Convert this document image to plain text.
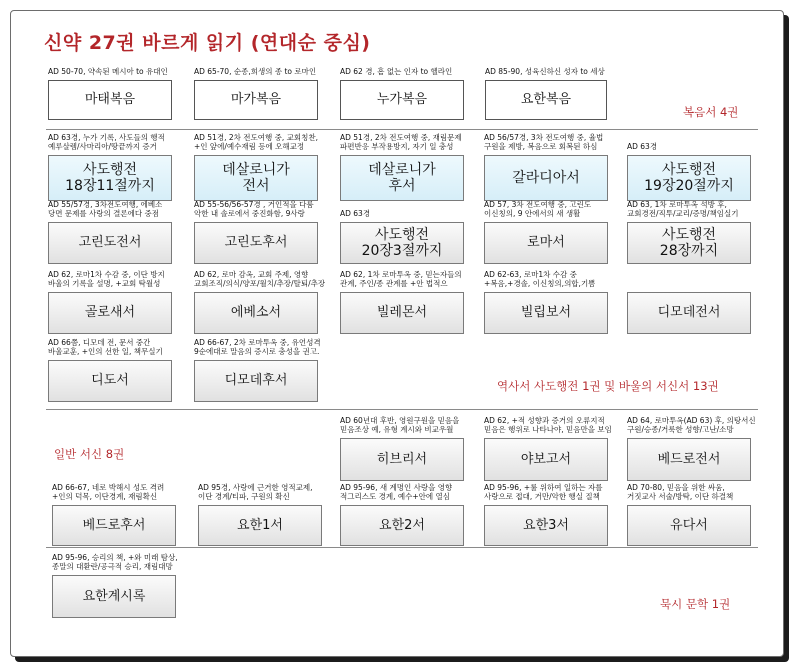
신약 27권 바르게 읽기 (연대순 중심)
복음서 4권
역사서 사도행전 1권 및 바울의 서신서 13권
일반 서신 8권
묵시 문학 1권
AD 50-70, 약속된 메시아 to 유대인
마태복음
AD 65-70, 순종,희생의 종 to 로마인
마가복음
AD 62 경, 흠 없는 인자 to 헬라인
누가복음
AD 85-90, 성육신하신 성자 to 세상
요한복음
AD 63경, 누가 기록, 사도들의 행적
예루살렘/사마리아/땅끝까지 증거
사도행전
18장11절까지
AD 51경, 2차 전도여행 중, 교회칭찬,
+인 앞에/예수재림 등에 오해교정
데살로니가
전서
AD 51경, 2차 전도여행 중, 재림문제
파편반응 부작용방지, 자기 일 충성
데살로니가
후서
AD 56/57경, 3차 전도여행 중, 율법
구원을 제방, 복음으로 회복된 하심
갈라디아서
AD 63경
사도행전
19장20절까지
AD 55/57경, 3차전도여행, 에베소
당면 문제를 사랑의 결론에다 중점
고린도전서
AD 55-56/56-57경 , 거인적을 다룸
악한 내 솔로에서 중진화함, 9사랑
고린도후서
AD 63경
사도행전
20장3절까지
AD 57, 3차 전도여행 중, 고린도
이신칭의, 9 안에서의 새 생활
로마서
AD 63, 1차 로마투옥 석방 후,
교회경전/직투/교리/증명/책임실기
사도행전
28장까지
AD 62, 로마1차 수감 중, 이단 방지
바울의 기록을 설명, +교회 탁월성
골로새서
AD 62, 로마 감옥, 교회 주제, 영향
교회조직/의식/양포/월치/추장/탈퇴/추장
에베소서
AD 62, 1차 로마투옥 중, 믿는자들의
관계, 주인/종 관계를 +안 법적으
빌레몬서
AD 62-63, 로마1차 수감 중
+복음,+경솔, 이신칭의,의합,기쁨
빌립보서	디모데전서
AD 66쯤, 디모데 전, 문서 중간
바울교훈, +인의 선한 일, 책무실기
디도서
AD 66-67, 2차 로마투옥 중, 유언성격
9순에대로 말음의 증시로 충성을 권고.
디모데후서
AD 60년대 후반, 영원구원을 믿음을
믿음조상 예, 유형 계시와 비교우월
히브리서
AD 62, +적 성향과 증거의 오류지적
믿음은 행위로 나타나야, 믿음만을 보임
야보고서
AD 64, 로마투옥(AD 63) 후, 의탕서신
구원/승종/거룩한 성향/고난/소망
베드로전서
AD 66-67, 네로 박해시 성도 격려
+인의 덕목, 이단경계, 재림확신
베드로후서
AD 95경, 사랑에 근거한 영적교제,
이단 경계/티파, 구원의 확신
요한1서
AD 95-96, 새 계명인 사랑을 영향
적그리스도 경계, 예수+안에 열심
요한2서
AD 95-96, +룰 위하여 일하는 자를
사랑으로 접대, 거만/악한 행실 질책
요한3서
AD 70-80, 믿음을 위한 싸움,
거짓교사 서술/방탁, 이단 하결책
유다서
AD 95-96, 승리의 책, +와 미래 탐상,
종말의 대환란/공극적 승리, 재림대망
요한계시록
